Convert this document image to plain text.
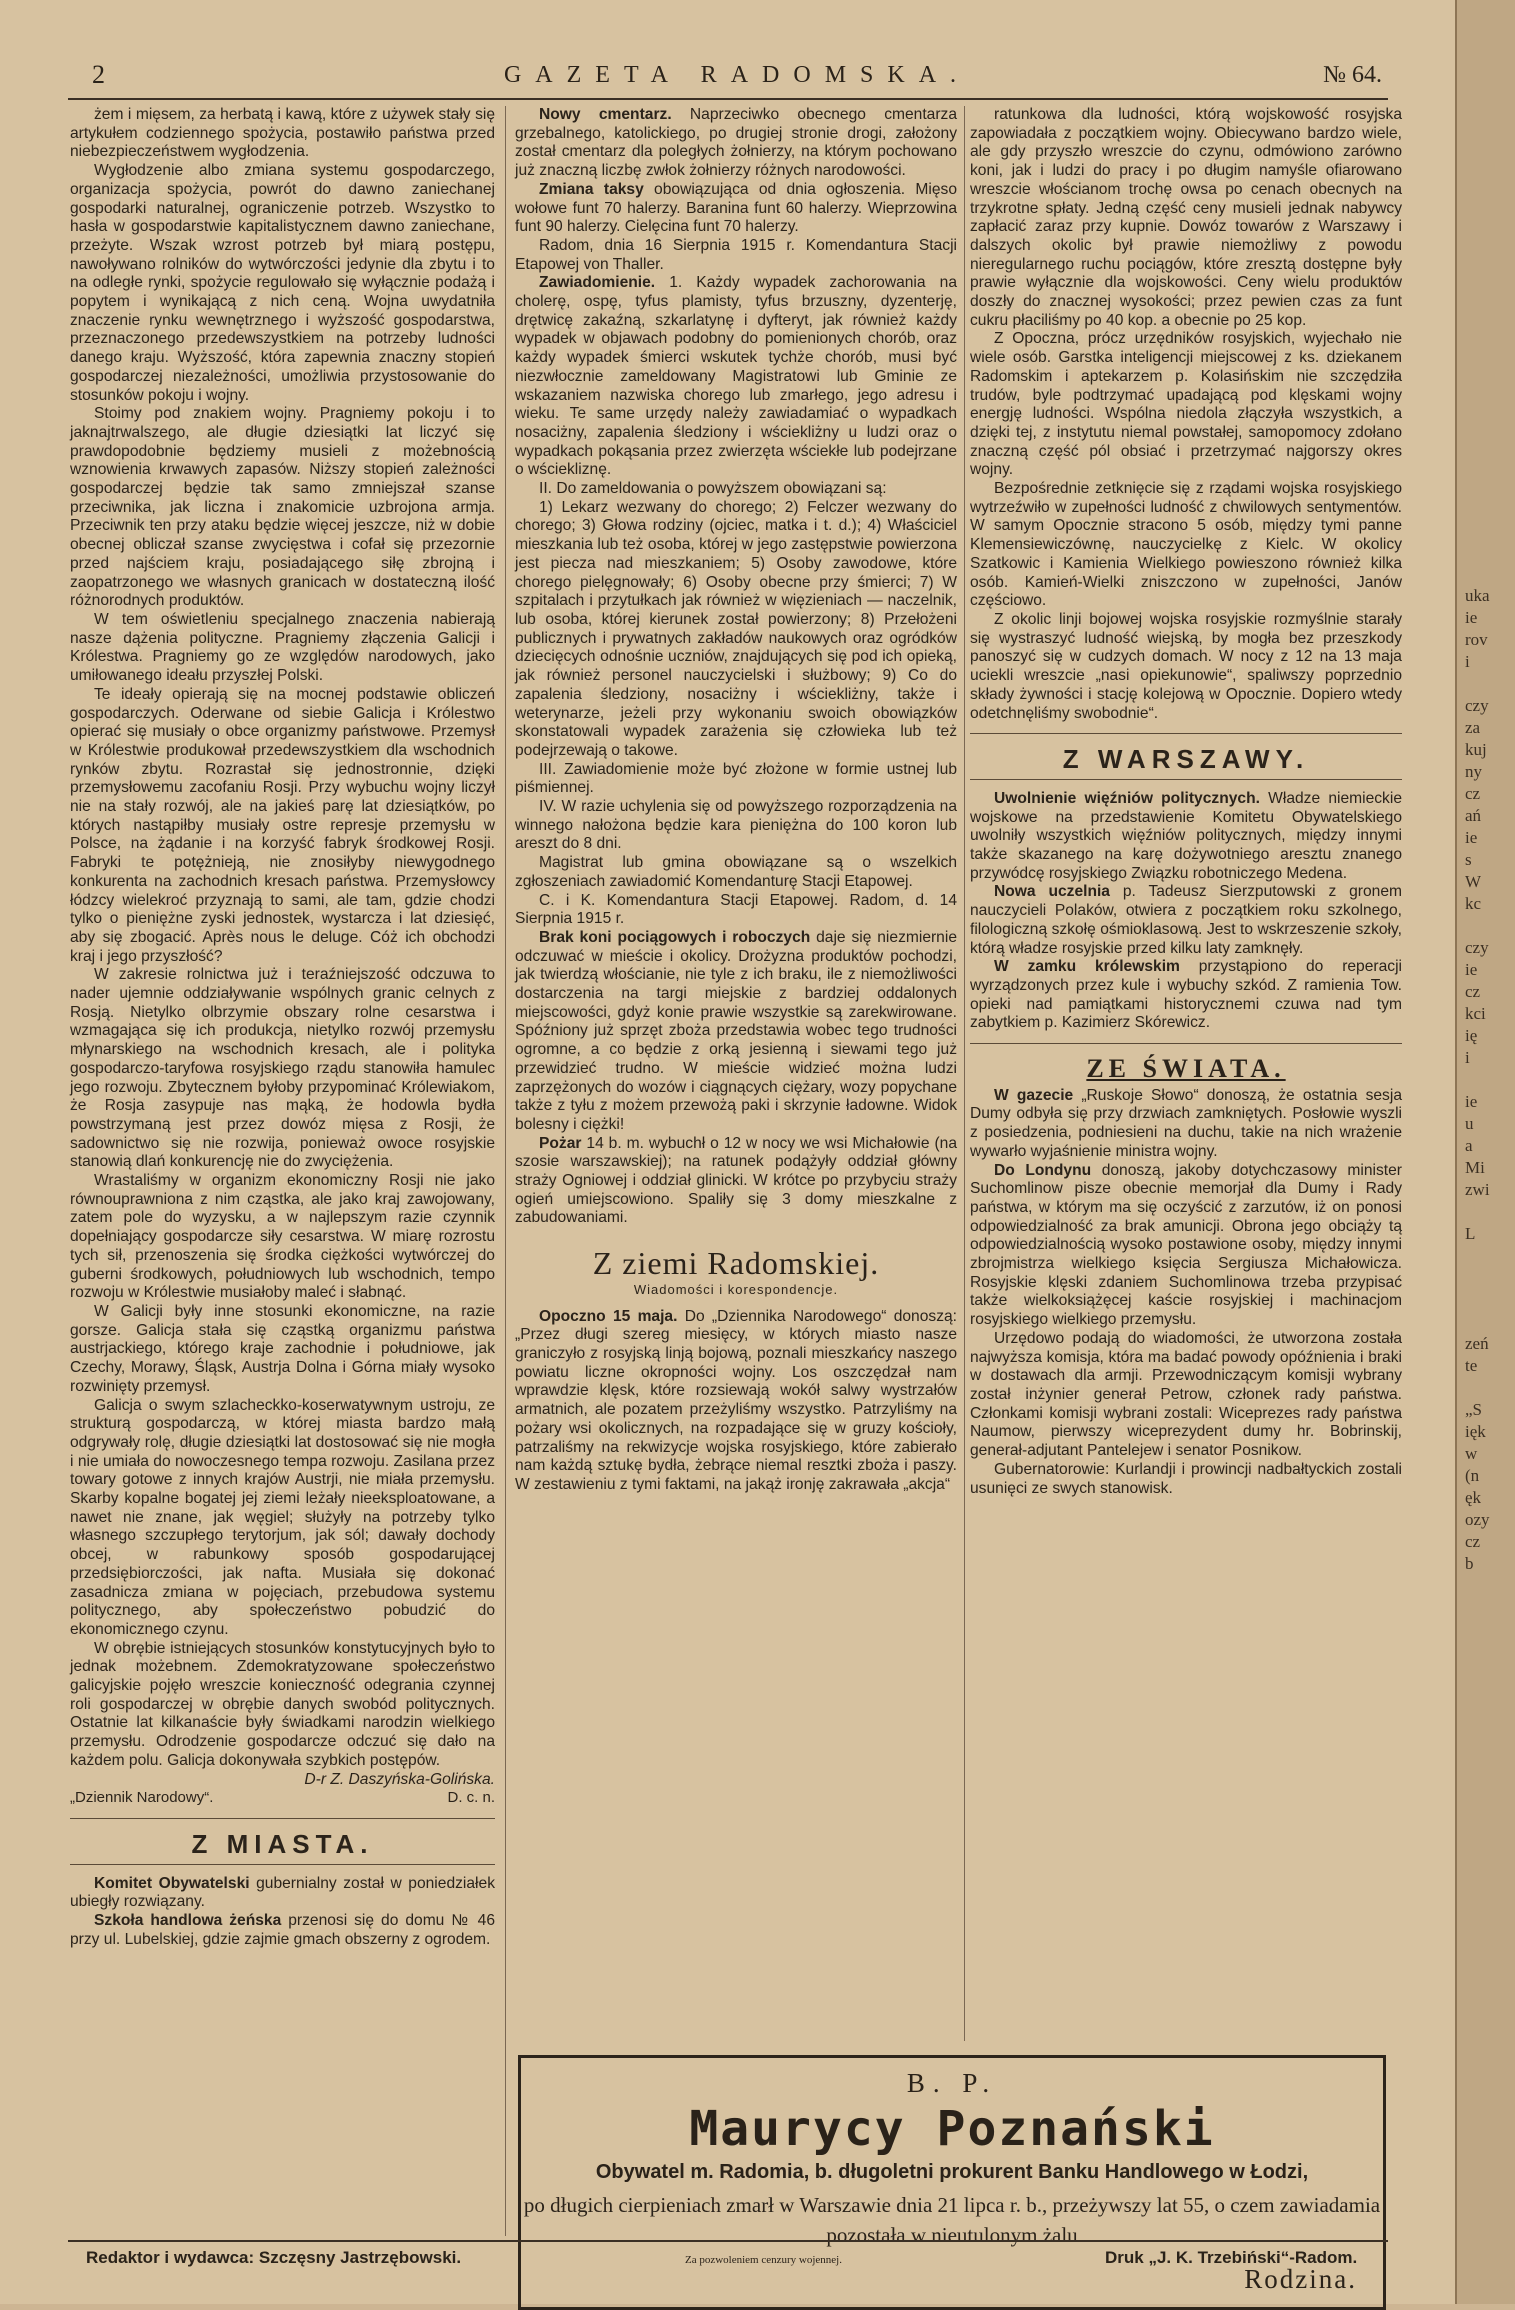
uka
ie
rov
i
czy
za
kuj
ny
cz
ań
ie
s
W
kc
czy
ie
cz
kci
ię
i
ie
u
a
Mi
zwi
L
zeń
te
„S
ięk
w
(n
ęk
ozy
cz
b
2	GAZETA RADOMSKA.	№ 64.

żem i mięsem, za herbatą i kawą, które z używek stały się artykułem codziennego spożycia, postawiło państwa przed niebezpieczeństwem wygłodzenia.

Wygłodzenie albo zmiana systemu gospodarczego, organizacja spożycia, powrót do dawno zaniechanej gospodarki naturalnej, ograniczenie potrzeb. Wszystko to hasła w gospodarstwie kapitalistycznem dawno zaniechane, przeżyte. Wszak wzrost potrzeb był miarą postępu, nawoływano rolników do wytwórczości jedynie dla zbytu i to na odległe rynki, spożycie regulowało się wyłącznie podażą i popytem i wynikającą z nich ceną. Wojna uwydatniła znaczenie rynku wewnętrznego i wyższość gospodarstwa, przeznaczonego przedewszystkiem na potrzeby ludności danego kraju. Wyższość, która zapewnia znaczny stopień gospodarczej niezależności, umożliwia przystosowanie do stosunków pokoju i wojny.

Stoimy pod znakiem wojny. Pragniemy pokoju i to jaknajtrwalszego, ale długie dziesiątki lat liczyć się prawdopodobnie będziemy musieli z możebnością wznowienia krwawych zapasów. Niższy stopień zależności gospodarczej będzie tak samo zmniejszał szanse przeciwnika, jak liczna i znakomicie uzbrojona armja. Przeciwnik ten przy ataku będzie więcej jeszcze, niż w dobie obecnej obliczał szanse zwycięstwa i cofał się przezornie przed najściem kraju, posiadającego siłę zbrojną i zaopatrzonego we własnych granicach w dostateczną ilość różnorodnych produktów.

W tem oświetleniu specjalnego znaczenia nabierają nasze dążenia polityczne. Pragniemy złączenia Galicji i Królestwa. Pragniemy go ze względów narodowych, jako umiłowanego ideału przyszłej Polski.

Te ideały opierają się na mocnej podstawie obliczeń gospodarczych. Oderwane od siebie Galicja i Królestwo opierać się musiały o obce organizmy państwowe. Przemysł w Królestwie produkował przedewszystkiem dla wschodnich rynków zbytu. Rozrastał się jednostronnie, dzięki przemysłowemu zacofaniu Rosji. Przy wybuchu wojny liczył nie na stały rozwój, ale na jakieś parę lat dziesiątków, po których nastąpiłby musiały ostre represje przemysłu w Polsce, na żądanie i na korzyść fabryk środkowej Rosji. Fabryki te potężnieją, nie znosiłyby niewygodnego konkurenta na zachodnich kresach państwa. Przemysłowcy łódzcy wielekroć przyznają to sami, ale tam, gdzie chodzi tylko o pieniężne zyski jednostek, wystarcza i lat dziesięć, aby się zbogacić. Après nous le deluge. Cóż ich obchodzi kraj i jego przyszłość?

W zakresie rolnictwa już i teraźniejszość odczuwa to nader ujemnie oddziaływanie wspólnych granic celnych z Rosją. Nietylko olbrzymie obszary rolne cesarstwa i wzmagająca się ich produkcja, nietylko rozwój przemysłu młynarskiego na wschodnich kresach, ale i polityka gospodarczo-taryfowa rosyjskiego rządu stanowiła hamulec jego rozwoju. Zbytecznem byłoby przypominać Królewiakom, że Rosja zasypuje nas mąką, że hodowla bydła powstrzymaną jest przez dowóz mięsa z Rosji, że sadownictwo się nie rozwija, ponieważ owoce rosyjskie stanowią dlań konkurencję nie do zwyciężenia.

Wrastaliśmy w organizm ekonomiczny Rosji nie jako równouprawniona z nim cząstka, ale jako kraj zawojowany, zatem pole do wyzysku, a w najlepszym razie czynnik dopełniający gospodarcze siły cesarstwa. W miarę rozrostu tych sił, przenoszenia się środka ciężkości wytwórczej do guberni środkowych, południowych lub wschodnich, tempo rozwoju w Królestwie musiałoby maleć i słabnąć.

W Galicji były inne stosunki ekonomiczne, na razie gorsze. Galicja stała się cząstką organizmu państwa austrjackiego, którego kraje zachodnie i południowe, jak Czechy, Morawy, Śląsk, Austrja Dolna i Górna miały wysoko rozwinięty przemysł.

Galicja o swym szlacheckko-koserwatywnym ustroju, ze strukturą gospodarczą, w której miasta bardzo małą odgrywały rolę, długie dziesiątki lat dostosować się nie mogła i nie umiała do nowoczesnego tempa rozwoju. Zasilana przez towary gotowe z innych krajów Austrji, nie miała przemysłu. Skarby kopalne bogatej jej ziemi leżały nieeksploatowane, a nawet nie znane, jak węgiel; służyły na potrzeby tylko własnego szczupłego terytorjum, jak sól; dawały dochody obcej, w rabunkowy sposób gospodarującej przedsiębiorczości, jak nafta. Musiała się dokonać zasadnicza zmiana w pojęciach, przebudowa systemu politycznego, aby społeczeństwo pobudzić do ekonomicznego czynu.

W obrębie istniejących stosunków konstytucyjnych było to jednak możebnem. Zdemokratyzowane społeczeństwo galicyjskie pojęło wreszcie konieczność odegrania czynnej roli gospodarczej w obrębie danych swobód politycznych. Ostatnie lat kilkanaście były świadkami narodzin wielkiego przemysłu. Odrodzenie gospodarcze odczuć się dało na każdem polu. Galicja dokonywała szybkich postępów.

D-r Z. Daszyńska-Golińska.
„Dziennik Narodowy“.	D. c. n.
Z MIASTA.

Komitet Obywatelski gubernialny został w poniedziałek ubiegły rozwiązany.

Szkoła handlowa żeńska przenosi się do domu № 46 przy ul. Lubelskiej, gdzie zajmie gmach obszerny z ogrodem.

Nowy cmentarz. Naprzeciwko obecnego cmentarza grzebalnego, katolickiego, po drugiej stronie drogi, założony został cmentarz dla poległych żołnierzy, na którym pochowano już znaczną liczbę zwłok żołnierzy różnych narodowości.

Zmiana taksy obowiązująca od dnia ogłoszenia. Mięso wołowe funt 70 halerzy. Baranina funt 60 halerzy. Wieprzowina funt 90 halerzy. Cielęcina funt 70 halerzy.

Radom, dnia 16 Sierpnia 1915 r. Komendantura Stacji Etapowej von Thaller.

Zawiadomienie. 1. Każdy wypadek zachorowania na cholerę, ospę, tyfus plamisty, tyfus brzuszny, dyzenterję, drętwicę zakaźną, szkarlatynę i dyfteryt, jak również każdy wypadek w objawach podobny do pomienionych chorób, oraz każdy wypadek śmierci wskutek tychże chorób, musi być niezwłocznie zameldowany Magistratowi lub Gminie ze wskazaniem nazwiska chorego lub zmarłego, jego adresu i wieku. Te same urzędy należy zawiadamiać o wypadkach nosaciżny, zapalenia śledziony i wściekliżny u ludzi oraz o wypadkach pokąsania przez zwierzęta wściekłe lub podejrzane o wściekliznę.

II. Do zameldowania o powyższem obowiązani są:

1) Lekarz wezwany do chorego; 2) Felczer wezwany do chorego; 3) Głowa rodziny (ojciec, matka i t. d.); 4) Właściciel mieszkania lub też osoba, której w jego zastępstwie powierzona jest piecza nad mieszkaniem; 5) Osoby zawodowe, które chorego pielęgnowały; 6) Osoby obecne przy śmierci; 7) W szpitalach i przytułkach jak również w więzieniach — naczelnik, lub osoba, której kierunek został powierzony; 8) Przełożeni publicznych i prywatnych zakładów naukowych oraz ogródków dziecięcych odnośnie uczniów, znajdujących się pod ich opieką, jak również personel nauczycielski i służbowy; 9) Co do zapalenia śledziony, nosaciżny i wściekliżny, także i weterynarze, jeżeli przy wykonaniu swoich obowiązków skonstatowali wypadek zarażenia się człowieka lub też podejrzewają o takowe.

III. Zawiadomienie może być złożone w formie ustnej lub piśmiennej.

IV. W razie uchylenia się od powyższego rozporządzenia na winnego nałożona będzie kara pieniężna do 100 koron lub areszt do 8 dni.

Magistrat lub gmina obowiązane są o wszelkich zgłoszeniach zawiadomić Komendanturę Stacji Etapowej.

C. i K. Komendantura Stacji Etapowej. Radom, d. 14 Sierpnia 1915 r.

Brak koni pociągowych i roboczych daje się niezmiernie odczuwać w mieście i okolicy. Drożyzna produktów pochodzi, jak twierdzą włościanie, nie tyle z ich braku, ile z niemożliwości dostarczenia na targi miejskie z bardziej oddalonych miejscowości, gdyż konie prawie wszystkie są zarekwirowane. Spóźniony już sprzęt zboża przedstawia wobec tego trudności ogromne, a co będzie z orką jesienną i siewami tego już przewidzieć trudno. W mieście widzieć można ludzi zaprzężonych do wozów i ciągnących ciężary, wozy popychane także z tyłu z możem przewożą paki i skrzynie ładowne. Widok bolesny i ciężki!

Pożar 14 b. m. wybuchł o 12 w nocy we wsi Michałowie (na szosie warszawskiej); na ratunek podążyły oddział główny straży Ogniowej i oddział glinicki. W krótce po przybyciu straży ogień umiejscowiono. Spaliły się 3 domy mieszkalne z zabudowaniami.

Z ziemi Radomskiej.
Wiadomości i korespondencje.

Opoczno 15 maja. Do „Dziennika Narodowego“ donoszą: „Przez długi szereg miesięcy, w których miasto nasze graniczyło z rosyjską linją bojową, poznali mieszkańcy naszego powiatu liczne okropności wojny. Los oszczędzał nam wprawdzie klęsk, które rozsiewają wokół salwy wystrzałów armatnich, ale pozatem przeżyliśmy wszystko. Patrzyliśmy na pożary wsi okolicznych, na rozpadające się w gruzy kościoły, patrzaliśmy na rekwizycje wojska rosyjskiego, które zabierało nam każdą sztukę bydła, żebrące niemal resztki zboża i paszy. W zestawieniu z tymi faktami, na jakąż ironję zakrawała „akcja“

ratunkowa dla ludności, którą wojskowość rosyjska zapowiadała z początkiem wojny. Obiecywano bardzo wiele, ale gdy przyszło wreszcie do czynu, odmówiono zarówno koni, jak i ludzi do pracy i po długim namyśle ofiarowano wreszcie włościanom trochę owsa po cenach obecnych na trzykrotne spłaty. Jedną część ceny musieli jednak nabywcy zapłacić zaraz przy kupnie. Dowóz towarów z Warszawy i dalszych okolic był prawie niemożliwy z powodu nieregularnego ruchu pociągów, które zresztą dostępne były prawie wyłącznie dla wojskowości. Ceny wielu produktów doszły do znacznej wysokości; przez pewien czas za funt cukru płaciliśmy po 40 kop. a obecnie po 25 kop.

Z Opoczna, prócz urzędników rosyjskich, wyjechało nie wiele osób. Garstka inteligencji miejscowej z ks. dziekanem Radomskim i aptekarzem p. Kolasińskim nie szczędziła trudów, byle podtrzymać upadającą pod klęskami wojny energję ludności. Wspólna niedola złączyła wszystkich, a dzięki tej, z instytutu niemal powstałej, samopomocy zdołano znaczną część pól obsiać i przetrzymać najgorszy okres wojny.

Bezpośrednie zetknięcie się z rządami wojska rosyjskiego wytrzeźwiło w zupełności ludność z chwilowych sentymentów. W samym Opocznie stracono 5 osób, między tymi panne Klemensiewiczównę, nauczycielkę z Kielc. W okolicy Szatkowic i Kamienia Wielkiego powieszono również kilka osób. Kamień-Wielki zniszczono w zupełności, Janów częściowo.

Z okolic linji bojowej wojska rosyjskie rozmyślnie starały się wystraszyć ludność wiejską, by mogła bez przeszkody panoszyć się w cudzych domach. W nocy z 12 na 13 maja uciekli wreszcie „nasi opiekunowie“, spaliwszy poprzednio składy żywności i stację kolejową w Opocznie. Dopiero wtedy odetchnęliśmy swobodnie“.

Z WARSZAWY.

Uwolnienie więźniów politycznych. Władze niemieckie wojskowe na przedstawienie Komitetu Obywatelskiego uwolniły wszystkich więźniów politycznych, między innymi także skazanego na karę dożywotniego aresztu znanego przywódcę rosyjskiego Związku robotniczego Medena.

Nowa uczelnia p. Tadeusz Sierzputowski z gronem nauczycieli Polaków, otwiera z początkiem roku szkolnego, filologiczną szkołę ośmioklasową. Jest to wskrzeszenie szkoły, którą władze rosyjskie przed kilku laty zamknęły.

W zamku królewskim przystąpiono do reperacji wyrządzonych przez kule i wybuchy szkód. Z ramienia Tow. opieki nad pamiątkami historycznemi czuwa nad tym zabytkiem p. Kazimierz Skórewicz.

ZE ŚWIATA.

W gazecie „Ruskoje Słowo“ donoszą, że ostatnia sesja Dumy odbyła się przy drzwiach zamkniętych. Posłowie wyszli z posiedzenia, podniesieni na duchu, takie na nich wrażenie wywarło wyjaśnienie ministra wojny.

Do Londynu donoszą, jakoby dotychczasowy minister Suchomlinow pisze obecnie memorjał dla Dumy i Rady państwa, w którym ma się oczyścić z zarzutów, iż on ponosi odpowiedzialność za brak amunicji. Obrona jego obciąży tą odpowiedzialnością wysoko postawione osoby, między innymi zbrojmistrza wielkiego księcia Sergiusza Michałowicza. Rosyjskie klęski zdaniem Suchomlinowa trzeba przypisać także wielkoksiążęcej kaście rosyjskiej i machinacjom rosyjskiego wielkiego przemysłu.

Urzędowo podają do wiadomości, że utworzona została najwyższa komisja, która ma badać powody opóźnienia i braki w dostawach dla armji. Przewodniczącym komisji wybrany został inżynier generał Petrow, członek rady państwa. Członkami komisji wybrani zostali: Wiceprezes rady państwa Naumow, pierwszy wiceprezydent dumy hr. Bobrinskij, generał-adjutant Pantelejew i senator Posnikow.

Gubernatorowie: Kurlandji i prowincji nadbałtyckich zostali usunięci ze swych stanowisk.

B. P.
Maurycy Poznański
Obywatel m. Radomia, b. długoletni prokurent Banku Handlowego w Łodzi,
po długich cierpieniach zmarł w Warszawie dnia 21 lipca r. b., przeżywszy lat 55, o czem zawiadamia pozostała w nieutulonym żalu
Rodzina.
Redaktor i wydawca: Szczęsny Jastrzębowski.	Za pozwoleniem cenzury wojennej.	Druk „J. K. Trzebiński“-Radom.
